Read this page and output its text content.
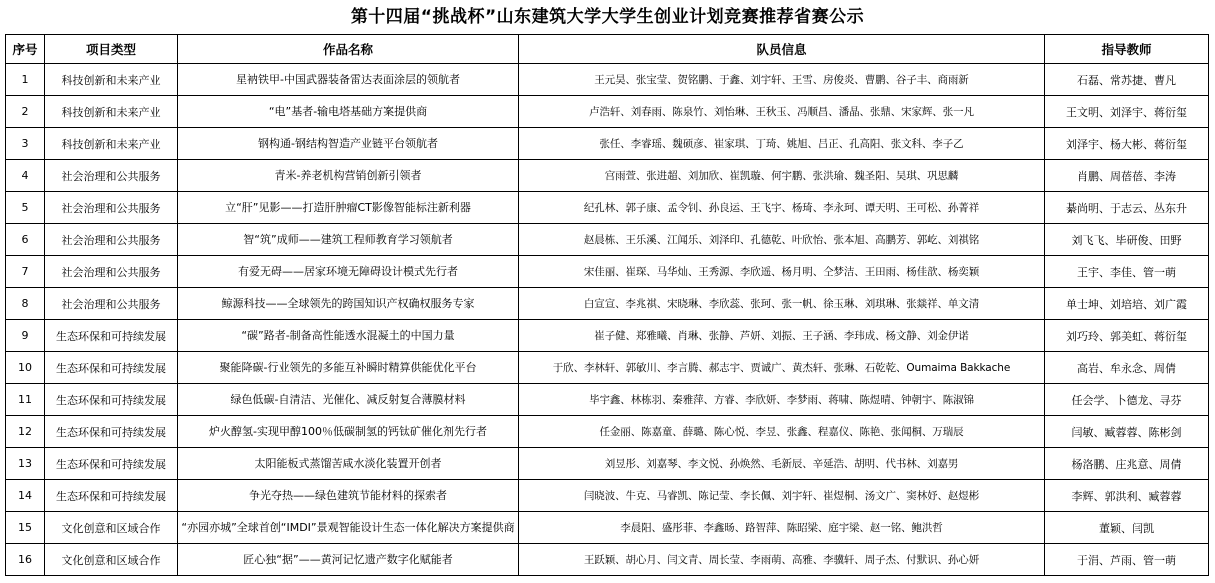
第十四届“挑战杯”山东建筑大学大学生创业计划竞赛推荐省赛公示
序号	项目类型	作品名称	队员信息	指导教师
1	科技创新和未来产业	星衲铁甲-中国武器装备雷达表面涂层的领航者	王元昊、张宝莹、贺铭鹏、于鑫、刘宇轩、王雪、房俊炎、曹鹏、谷子丰、商雨新	石磊、常苏捷、曹凡
2	科技创新和未来产业	“电”基者-输电塔基础方案提供商	卢浩轩、刘春雨、陈泉竹、刘怡琳、王秋玉、冯顺昌、潘晶、张鼎、宋家辉、张一凡	王文明、刘泽宇、蒋衍玺
3	科技创新和未来产业	钢构通-钢结构智造产业链平台领航者	张任、李睿瑶、魏硕彦、崔家琪、丁琦、姚旭、吕正、孔高阳、张文科、李子乙	刘泽宇、杨大彬、蒋衍玺
4	社会治理和公共服务	青米-养老机构营销创新引领者	宫雨萱、张进超、刘加欣、崔凯璇、何宇鹏、张洪瑜、魏圣阳、吴琪、巩思麟	肖鹏、周蓓蓓、李涛
5	社会治理和公共服务	立“肝”见影——打造肝肿瘤CT影像智能标注新利器	纪孔林、郭子康、孟令钊、孙良运、王飞宇、杨琦、李永珂、谭天明、王可松、孙菁祥	綦尚明、于志云、丛东升
6	社会治理和公共服务	智“筑”成师——建筑工程师教育学习领航者	赵晨栋、王乐溪、江闻乐、刘泽印、孔德乾、叶欣怡、张本旭、高鹏芳、郭屹、刘祺铭	刘飞飞、毕研俊、田野
7	社会治理和公共服务	有爱无碍——居家环境无障碍设计模式先行者	宋佳丽、崔琛、马华灿、王秀源、李欣遥、杨月明、仝梦洁、王田雨、杨佳歆、杨奕颖	王宇、李佳、管一萌
8	社会治理和公共服务	鲸源科技——全球领先的跨国知识产权确权服务专家	白宣宣、李兆祺、宋晓琳、李欣蕊、张珂、张一帆、徐玉琳、刘琪琳、张燚祥、单文清	单士坤、刘培培、刘广霞
9	生态环保和可持续发展	“碳”路者-制备高性能透水混凝土的中国力量	崔子健、郑雅曦、肖琳、张静、芦妍、刘振、王子涵、李玮成、杨文静、刘金伊诺	刘巧玲、郭美虹、蒋衍玺
10	生态环保和可持续发展	聚能降碳-行业领先的多能互补瞬时精算供能优化平台	于欣、李林轩、郭敏川、李言腾、郝志宇、贾诚广、黄杰轩、张琳、石乾乾、Oumaima Bakkache	高岩、牟永念、周倩
11	生态环保和可持续发展	绿色低碳-自清洁、光催化、减反射复合薄膜材料	毕宇鑫、林栋羽、秦雅萍、方睿、李欣妍、李梦雨、蒋啸、陈煜晴、钟朝宇、陈淑锦	任会学、卜德龙、寻芬
12	生态环保和可持续发展	炉火醇氢-实现甲醇100％低碳制氢的钙钛矿催化剂先行者	任金丽、陈嘉童、薛璐、陈心悦、李昱、张鑫、程嘉仪、陈艳、张闻桐、万瑞辰	闫敏、臧蓉蓉、陈彬剑
13	生态环保和可持续发展	太阳能板式蒸馏苦咸水淡化装置开创者	刘昱彤、刘嘉琴、李文悦、孙焕然、毛新辰、辛延浩、胡明、代书林、刘嘉男	杨洛鹏、庄兆意、周倩
14	生态环保和可持续发展	争光夺热——绿色建筑节能材料的探索者	闫晓波、牛克、马睿凯、陈记莹、李长佩、刘宇轩、崔煜桐、汤文广、窦林妤、赵煜彬	李辉、郭洪利、臧蓉蓉
15	文化创意和区域合作	“亦园亦城”全球首创“IMDI”景观智能设计生态一体化解决方案提供商	李晨阳、盛彤菲、李鑫旸、路智萍、陈昭梁、庭宇梁、赵一铭、鲍洪哲	董颖、闫凯
16	文化创意和区域合作	匠心独“据”——黄河记忆遗产数字化赋能者	王跃颖、胡心月、闫文青、周长莹、李雨萌、高雅、李骥轩、周子杰、付默识、孙心妍	于涓、芦雨、管一萌
